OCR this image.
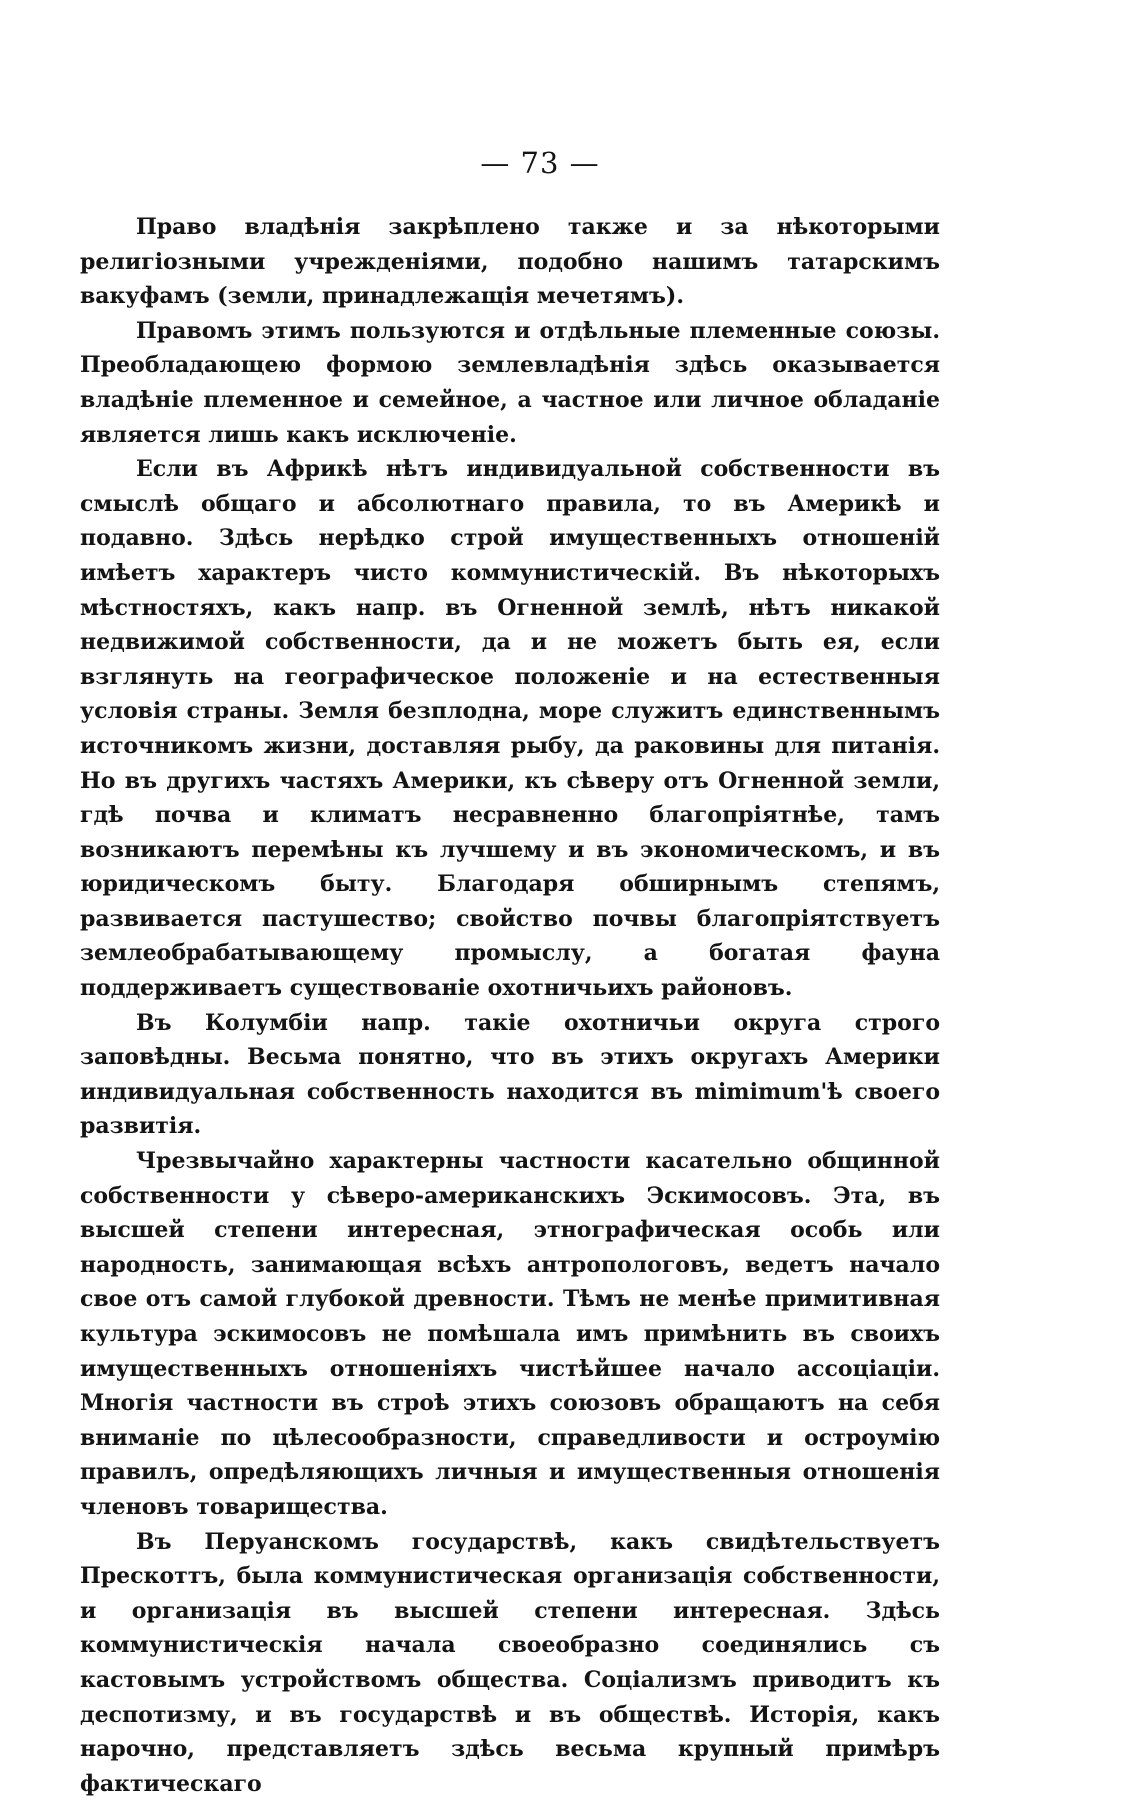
— 73 —

Право владѣнія закрѣплено также и за нѣкоторыми религіозными учрежденіями, подобно нашимъ татарскимъ вакуфамъ (земли, принадлежащія мечетямъ).

Правомъ этимъ пользуются и отдѣльные племенные союзы. Преобладающею формою землевладѣнія здѣсь оказывается владѣніе племенное и семейное, а частное или личное обладаніе является лишь какъ исключеніе.

Если въ Африкѣ нѣтъ индивидуальной собственности въ смыслѣ общаго и абсолютнаго правила, то въ Америкѣ и подавно. Здѣсь нерѣдко строй имущественныхъ отношеній имѣетъ характеръ чисто коммунистическій. Въ нѣкоторыхъ мѣстностяхъ, какъ напр. въ Огненной землѣ, нѣтъ никакой недвижимой собственности, да и не можетъ быть ея, если взглянуть на географическое положеніе и на естественныя условія страны. Земля безплодна, море служитъ единственнымъ источникомъ жизни, доставляя рыбу, да раковины для питанія. Но въ другихъ частяхъ Америки, къ сѣверу отъ Огненной земли, гдѣ почва и климатъ несравненно благопріятнѣе, тамъ возникаютъ перемѣны къ лучшему и въ экономическомъ, и въ юридическомъ быту. Благодаря обширнымъ степямъ, развивается пастушество; свойство почвы благопріятствуетъ землеобрабатывающему промыслу, а богатая фауна поддерживаетъ существованіе охотничьихъ районовъ.

Въ Колумбіи напр. такіе охотничьи округа строго заповѣдны. Весьма понятно, что въ этихъ округахъ Америки индивидуальная собственность находится въ mimimum'ѣ своего развитія.

Чрезвычайно характерны частности касательно общинной собственности у сѣверо-американскихъ Эскимосовъ. Эта, въ высшей степени интересная, этнографическая особь или народность, занимающая всѣхъ антропологовъ, ведетъ начало свое отъ самой глубокой древности. Тѣмъ не менѣе примитивная культура эскимосовъ не помѣшала имъ примѣнить въ своихъ имущественныхъ отношеніяхъ чистѣйшее начало ассоціаціи. Многія частности въ строѣ этихъ союзовъ обращаютъ на себя вниманіе по цѣлесообразности, справедливости и остроумію правилъ, опредѣляющихъ личныя и имущественныя отношенія членовъ товарищества.

Въ Перуанскомъ государствѣ, какъ свидѣтельствуетъ Прескоттъ, была коммунистическая организація собственности, и организація въ высшей степени интересная. Здѣсь коммунистическія начала своеобразно соединялись съ кастовымъ устройствомъ общества. Соціализмъ приводитъ къ деспотизму, и въ государствѣ и въ обществѣ. Исторія, какъ нарочно, представляетъ здѣсь весьма крупный примѣръ фактическаго
